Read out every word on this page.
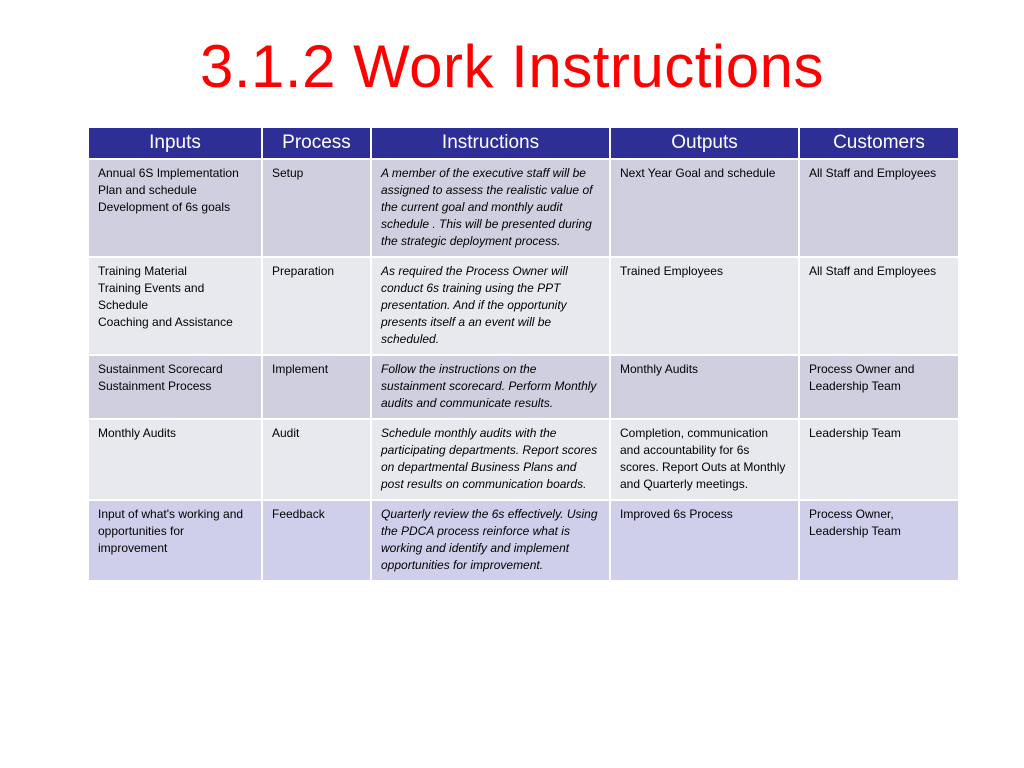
3.1.2 Work Instructions
Inputs	Process	Instructions	Outputs	Customers
Annual 6S Implementation Plan and schedule
Development of 6s goals	Setup	A member of the executive staff will be assigned to assess the realistic value of the current goal and monthly audit schedule . This will be presented during the strategic deployment process.	Next Year Goal and schedule	All Staff and Employees
Training Material
Training Events and Schedule
Coaching and Assistance	Preparation	As required the Process Owner will conduct 6s training using the PPT presentation. And if the opportunity presents itself a an event will be scheduled.	Trained Employees	All Staff and Employees
Sustainment Scorecard
Sustainment Process	Implement	Follow the instructions on the sustainment scorecard. Perform Monthly audits and communicate results.	Monthly Audits	Process Owner and Leadership Team
Monthly Audits	Audit	Schedule monthly audits with the participating departments. Report scores on departmental Business Plans and post results on communication boards.	Completion, communication and accountability for 6s scores. Report Outs at Monthly and Quarterly meetings.	Leadership Team
Input of what's working and opportunities for improvement	Feedback	Quarterly review the 6s effectively. Using the PDCA process reinforce what is working and identify and implement opportunities for improvement.	Improved 6s Process	Process Owner,
Leadership Team
